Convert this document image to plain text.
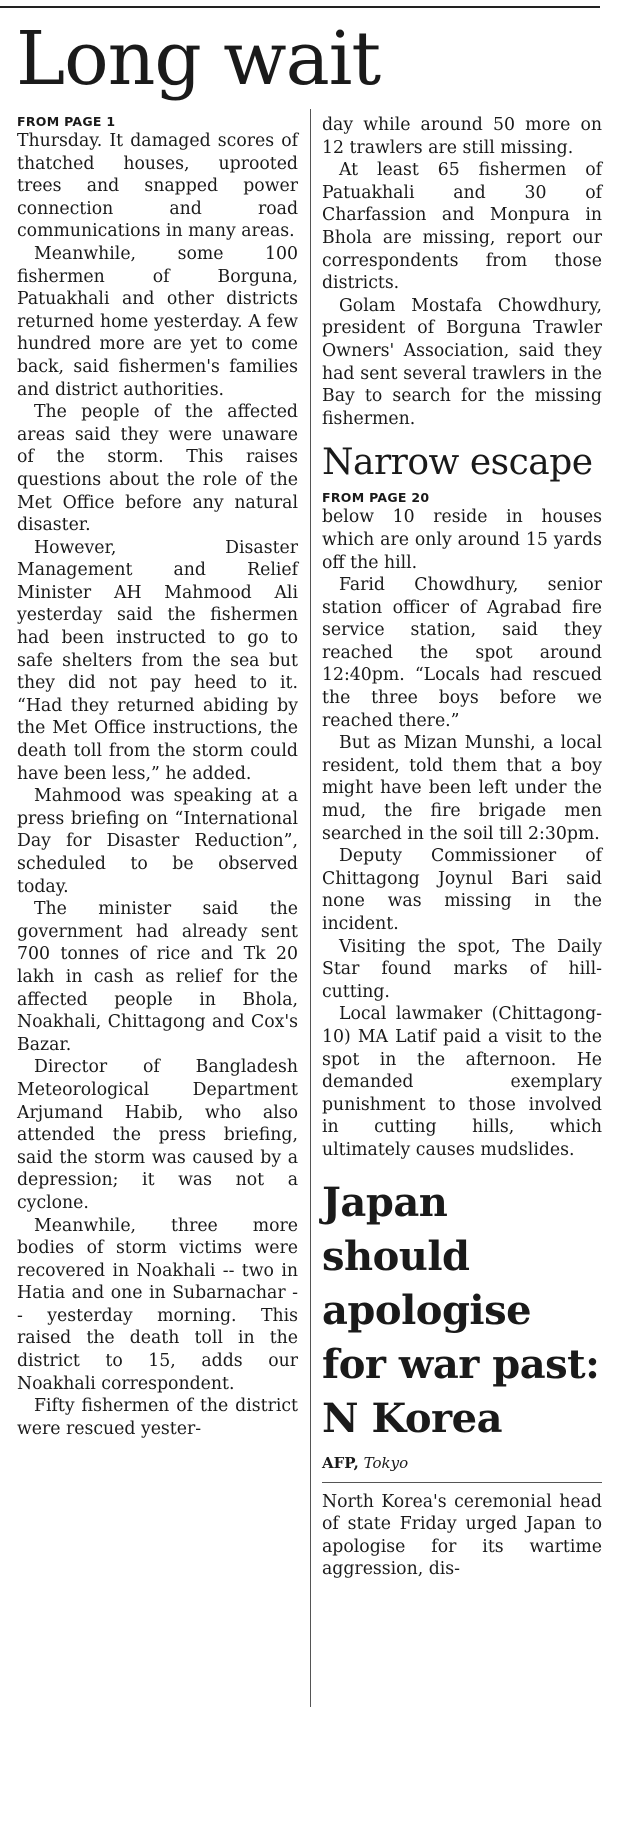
Long wait

FROM PAGE 1

Thursday. It damaged scores of thatched houses, uprooted trees and snapped power connection and road communications in many areas.

Meanwhile, some 100 fishermen of Borguna, Patuakhali and other districts returned home yesterday. A few hundred more are yet to come back, said fishermen's families and district authorities.

The people of the affected areas said they were unaware of the storm. This raises questions about the role of the Met Office before any natural disaster.

However, Disaster Management and Relief Minister AH Mahmood Ali yesterday said the fishermen had been instructed to go to safe shelters from the sea but they did not pay heed to it. “Had they returned abiding by the Met Office instructions, the death toll from the storm could have been less,” he added.

Mahmood was speaking at a press briefing on “International Day for Disaster Reduction”, scheduled to be observed today.

The minister said the government had already sent 700 tonnes of rice and Tk 20 lakh in cash as relief for the affected people in Bhola, Noakhali, Chittagong and Cox's Bazar.

Director of Bangladesh Meteorological Department Arjumand Habib, who also attended the press briefing, said the storm was caused by a depression; it was not a cyclone.

Meanwhile, three more bodies of storm victims were recovered in Noakhali -- two in Hatia and one in Subarnachar -- yesterday morning. This raised the death toll in the district to 15, adds our Noakhali correspondent.

Fifty fishermen of the district were rescued yester-

day while around 50 more on 12 trawlers are still missing.

At least 65 fishermen of Patuakhali and 30 of Charfassion and Monpura in Bhola are missing, report our correspondents from those districts.

Golam Mostafa Chowdhury, president of Borguna Trawler Owners' Association, said they had sent several trawlers in the Bay to search for the missing fishermen.

Narrow escape

FROM PAGE 20

below 10 reside in houses which are only around 15 yards off the hill.

Farid Chowdhury, senior station officer of Agrabad fire service station, said they reached the spot around 12:40pm. “Locals had rescued the three boys before we reached there.”

But as Mizan Munshi, a local resident, told them that a boy might have been left under the mud, the fire brigade men searched in the soil till 2:30pm.

Deputy Commissioner of Chittagong Joynul Bari said none was missing in the incident.

Visiting the spot, The Daily Star found marks of hill-cutting.

Local lawmaker (Chittagong-10) MA Latif paid a visit to the spot in the afternoon. He demanded exemplary punishment to those involved in cutting hills, which ultimately causes mudslides.

Japan should apologise for war past: N Korea

AFP, Tokyo

North Korea's ceremonial head of state Friday urged Japan to apologise for its wartime aggression, dis-
